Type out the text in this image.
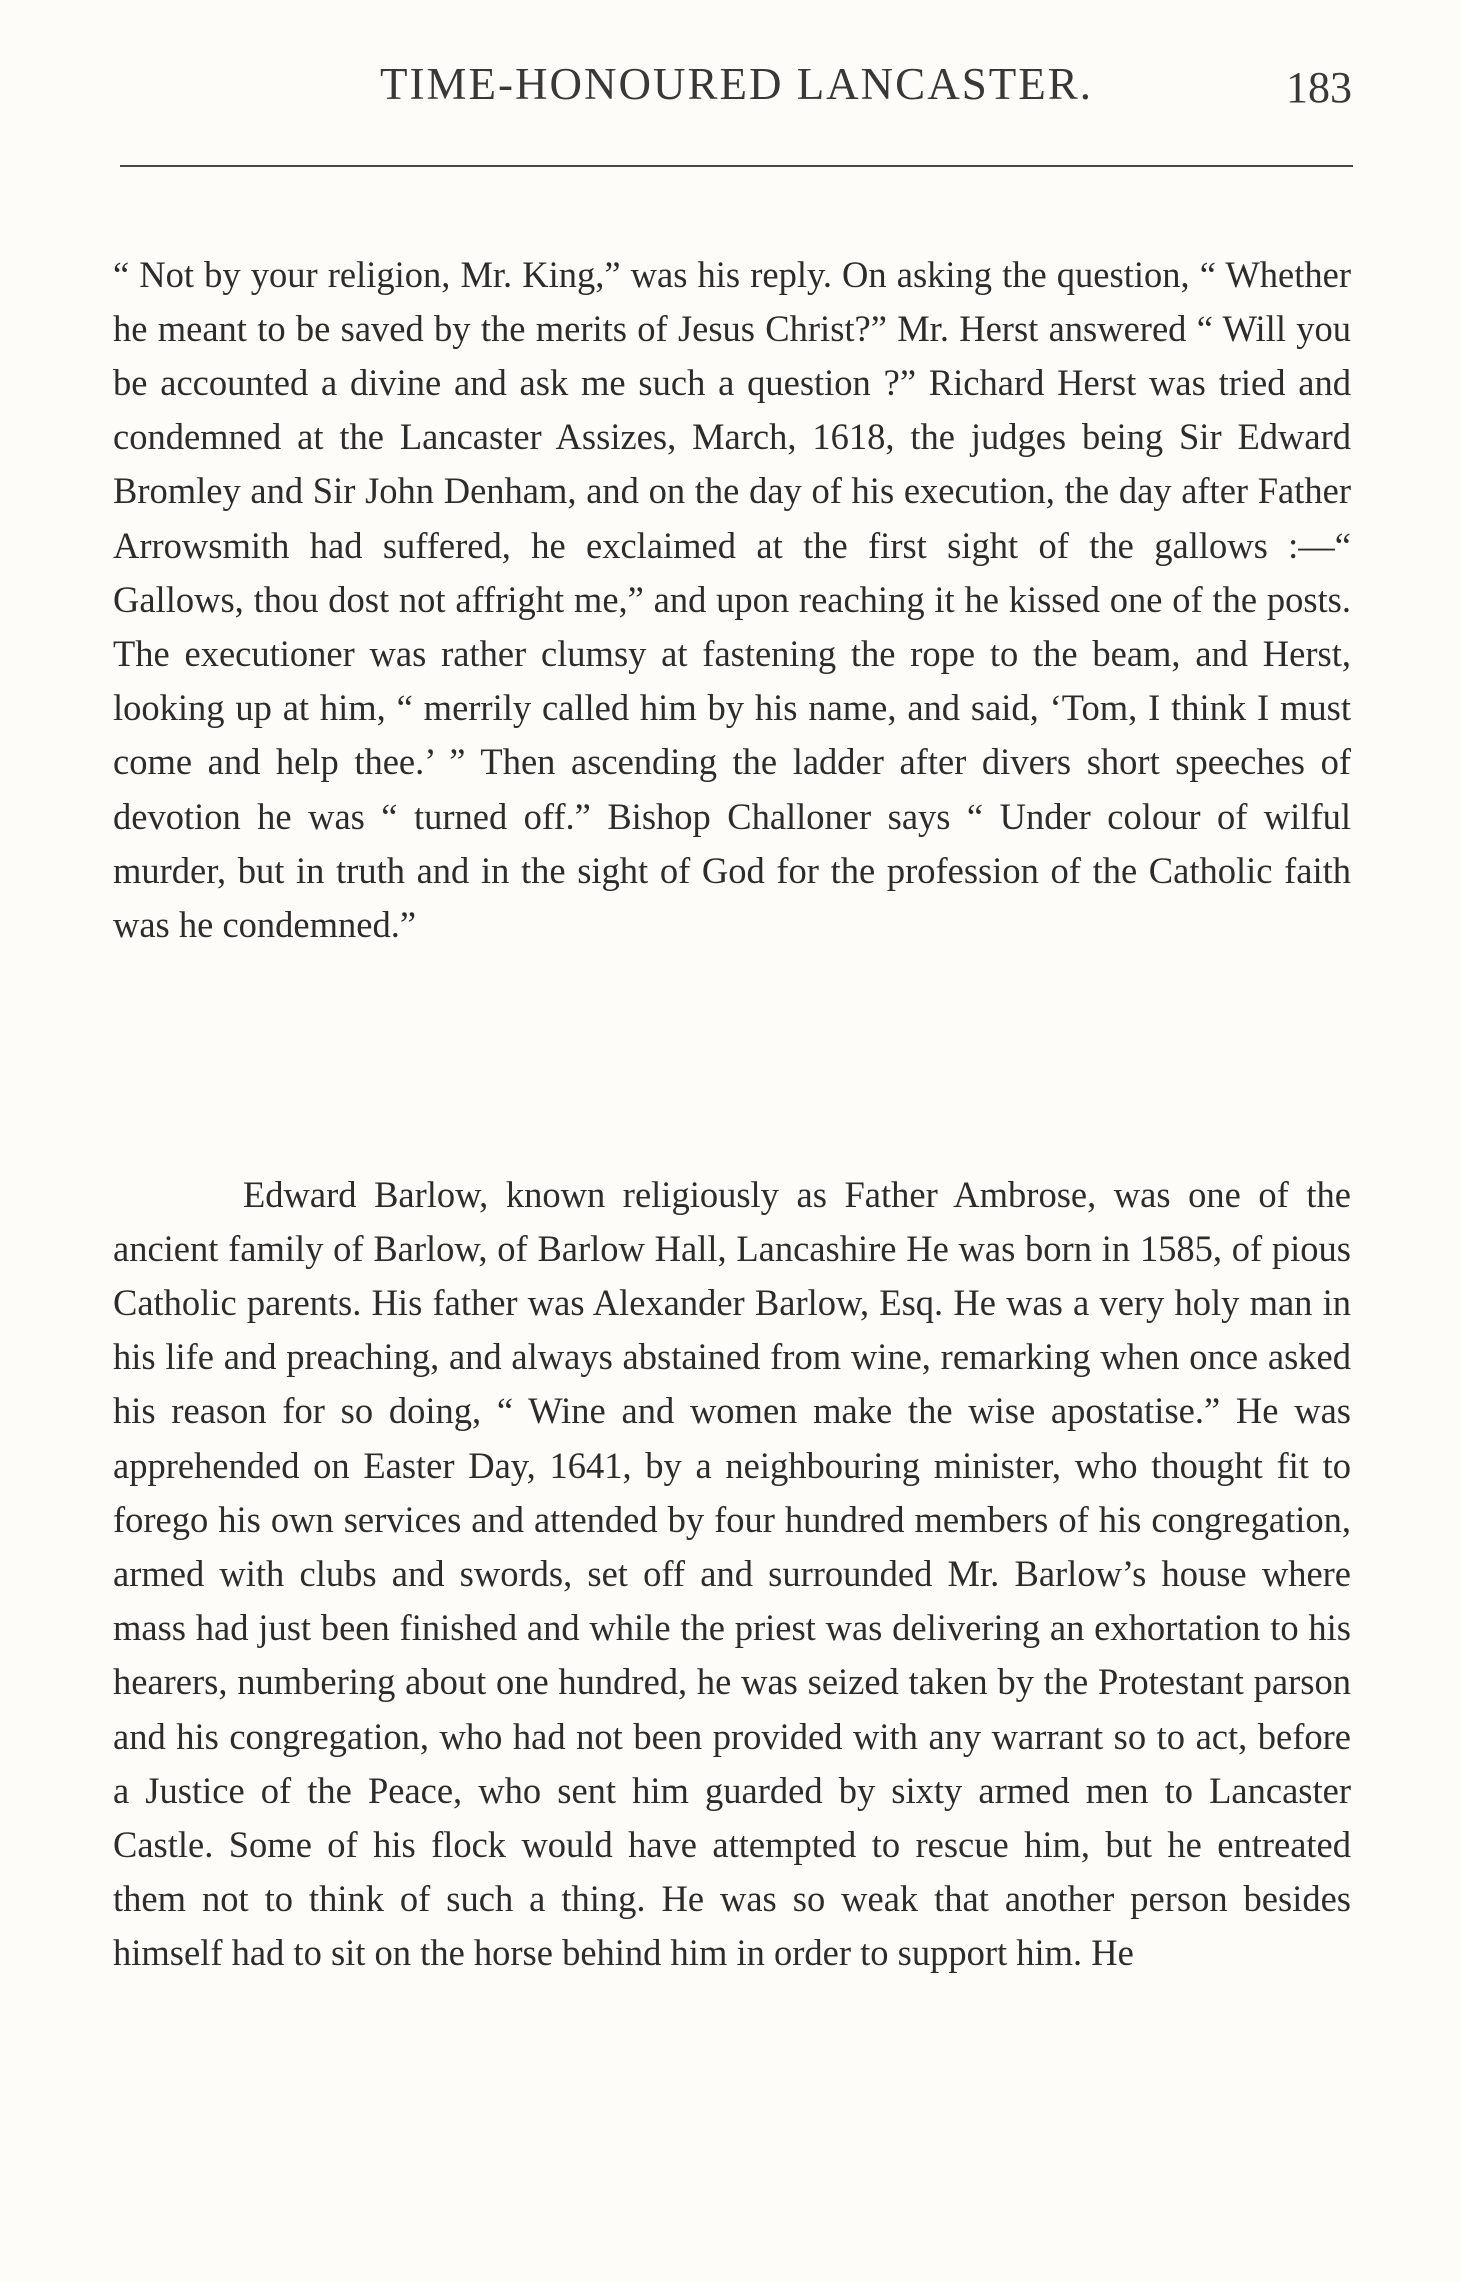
TIME-HONOURED LANCASTER.	183

“ Not by your religion, Mr. King,” was his reply. On asking the question, “ Whether he meant to be saved by the merits of Jesus Christ?” Mr. Herst answered “ Will you be accounted a divine and ask me such a question ?” Richard Herst was tried and condemned at the Lancaster Assizes, March, 1618, the judges being Sir Edward Bromley and Sir John Denham, and on the day of his execution, the day after Father Arrowsmith had suffered, he exclaimed at the first sight of the gallows :—“ Gallows, thou dost not affright me,” and upon reaching it he kissed one of the posts. The executioner was rather clumsy at fastening the rope to the beam, and Herst, looking up at him, “ merrily called him by his name, and said, ‘Tom, I think I must come and help thee.’ ” Then ascending the ladder after divers short speeches of devotion he was “ turned off.” Bishop Challoner says “ Under colour of wilful murder, but in truth and in the sight of God for the profession of the Catholic faith was he condemned.”

Edward Barlow, known religiously as Father Ambrose, was one of the ancient family of Barlow, of Barlow Hall, Lancashire He was born in 1585, of pious Catholic parents. His father was Alexander Barlow, Esq. He was a very holy man in his life and preaching, and always abstained from wine, remarking when once asked his reason for so doing, “ Wine and women make the wise apostatise.” He was apprehended on Easter Day, 1641, by a neighbouring minister, who thought fit to forego his own services and attended by four hundred members of his congregation, armed with clubs and swords, set off and surrounded Mr. Barlow’s house where mass had just been finished and while the priest was delivering an exhortation to his hearers, numbering about one hundred, he was seized taken by the Protestant parson and his congregation, who had not been provided with any warrant so to act, before a Justice of the Peace, who sent him guarded by sixty armed men to Lancaster Castle. Some of his flock would have attempted to rescue him, but he entreated them not to think of such a thing. He was so weak that another person besides himself had to sit on the horse behind him in order to support him. He
